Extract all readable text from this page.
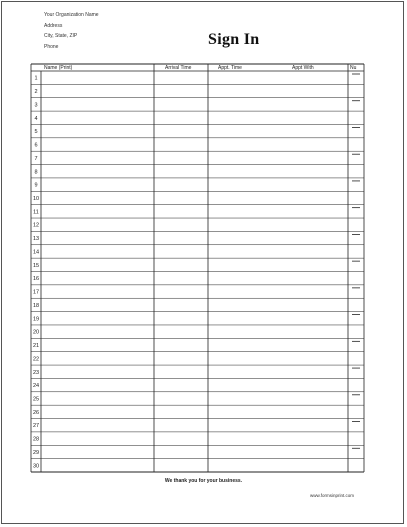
Your Organization Name
Address
City, State, ZIP
Phone	Sign In
Name (Print)	Arrival Time	Appt. Time	Appt With	Nu
1
2
3
4
5
6
7
8
9
10
11
12
13
14
15
16
17
18
19
20
21
22
23
24
25
26
27
28
29
30
We thank you for your business.
www.formsinprint.com
